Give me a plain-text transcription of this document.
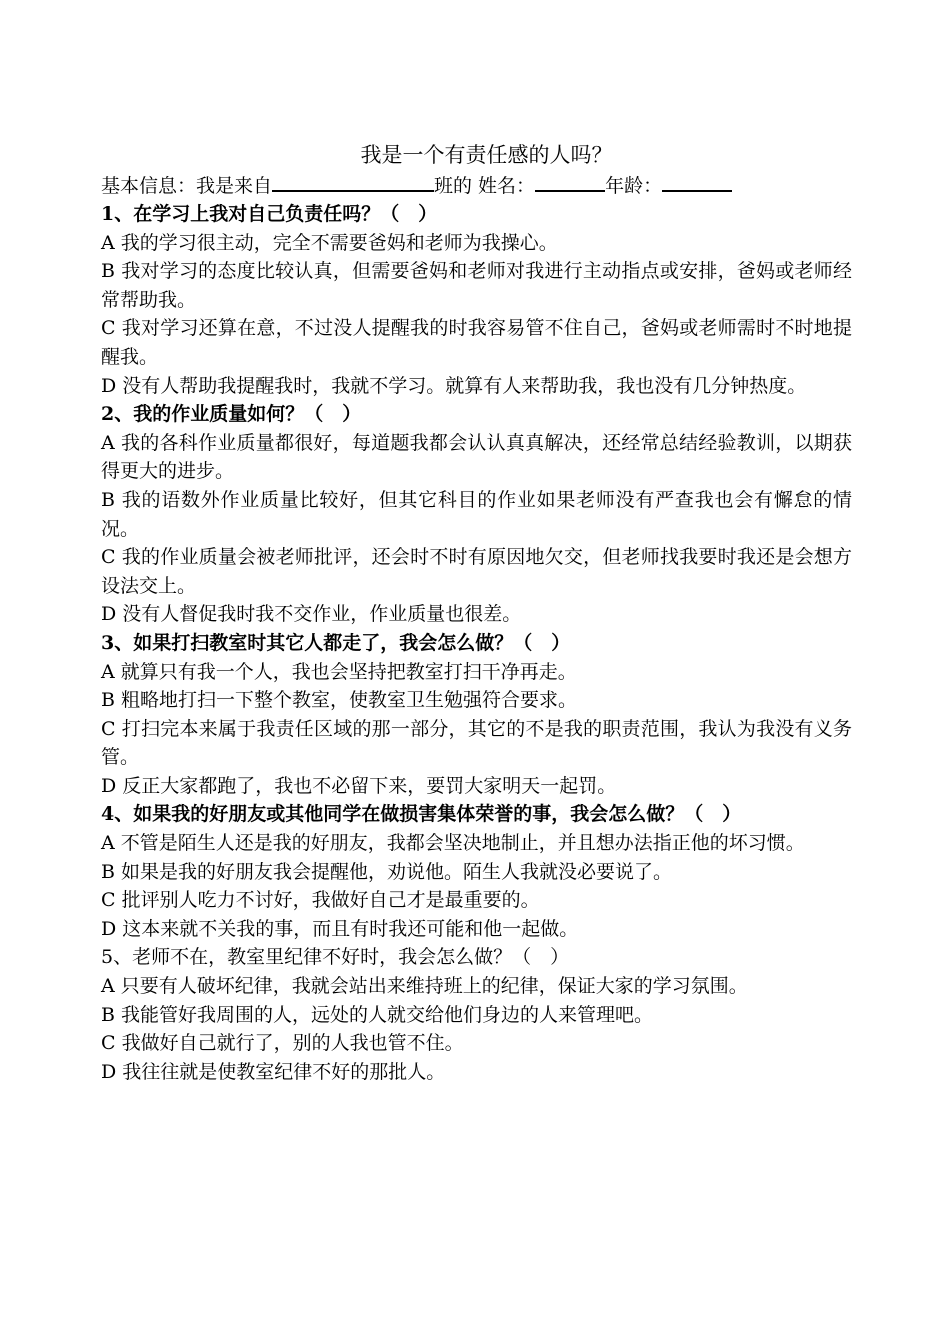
我是一个有责任感的人吗？
基本信息：我是来自	班的 姓名：	年龄：
1、在学习上我对自己负责任吗？（　）
A 我的学习很主动，完全不需要爸妈和老师为我操心。
B 我对学习的态度比较认真，但需要爸妈和老师对我进行主动指点或安排，爸妈或老师经常帮助我。
C 我对学习还算在意，不过没人提醒我的时我容易管不住自己，爸妈或老师需时不时地提醒我。
D 没有人帮助我提醒我时，我就不学习。就算有人来帮助我，我也没有几分钟热度。
2、我的作业质量如何？（　）
A 我的各科作业质量都很好，每道题我都会认认真真解决，还经常总结经验教训，以期获得更大的进步。
B 我的语数外作业质量比较好，但其它科目的作业如果老师没有严查我也会有懈怠的情况。
C 我的作业质量会被老师批评，还会时不时有原因地欠交，但老师找我要时我还是会想方设法交上。
D 没有人督促我时我不交作业，作业质量也很差。
3、如果打扫教室时其它人都走了，我会怎么做？（　）
A 就算只有我一个人，我也会坚持把教室打扫干净再走。
B 粗略地打扫一下整个教室，使教室卫生勉强符合要求。
C 打扫完本来属于我责任区域的那一部分，其它的不是我的职责范围，我认为我没有义务管。
D 反正大家都跑了，我也不必留下来，要罚大家明天一起罚。
4、如果我的好朋友或其他同学在做损害集体荣誉的事，我会怎么做？（　）
A 不管是陌生人还是我的好朋友，我都会坚决地制止，并且想办法指正他的坏习惯。
B 如果是我的好朋友我会提醒他，劝说他。陌生人我就没必要说了。
C 批评别人吃力不讨好，我做好自己才是最重要的。
D 这本来就不关我的事，而且有时我还可能和他一起做。
5、老师不在，教室里纪律不好时，我会怎么做？（　）
A 只要有人破坏纪律，我就会站出来维持班上的纪律，保证大家的学习氛围。
B 我能管好我周围的人，远处的人就交给他们身边的人来管理吧。
C 我做好自己就行了，别的人我也管不住。
D 我往往就是使教室纪律不好的那批人。
